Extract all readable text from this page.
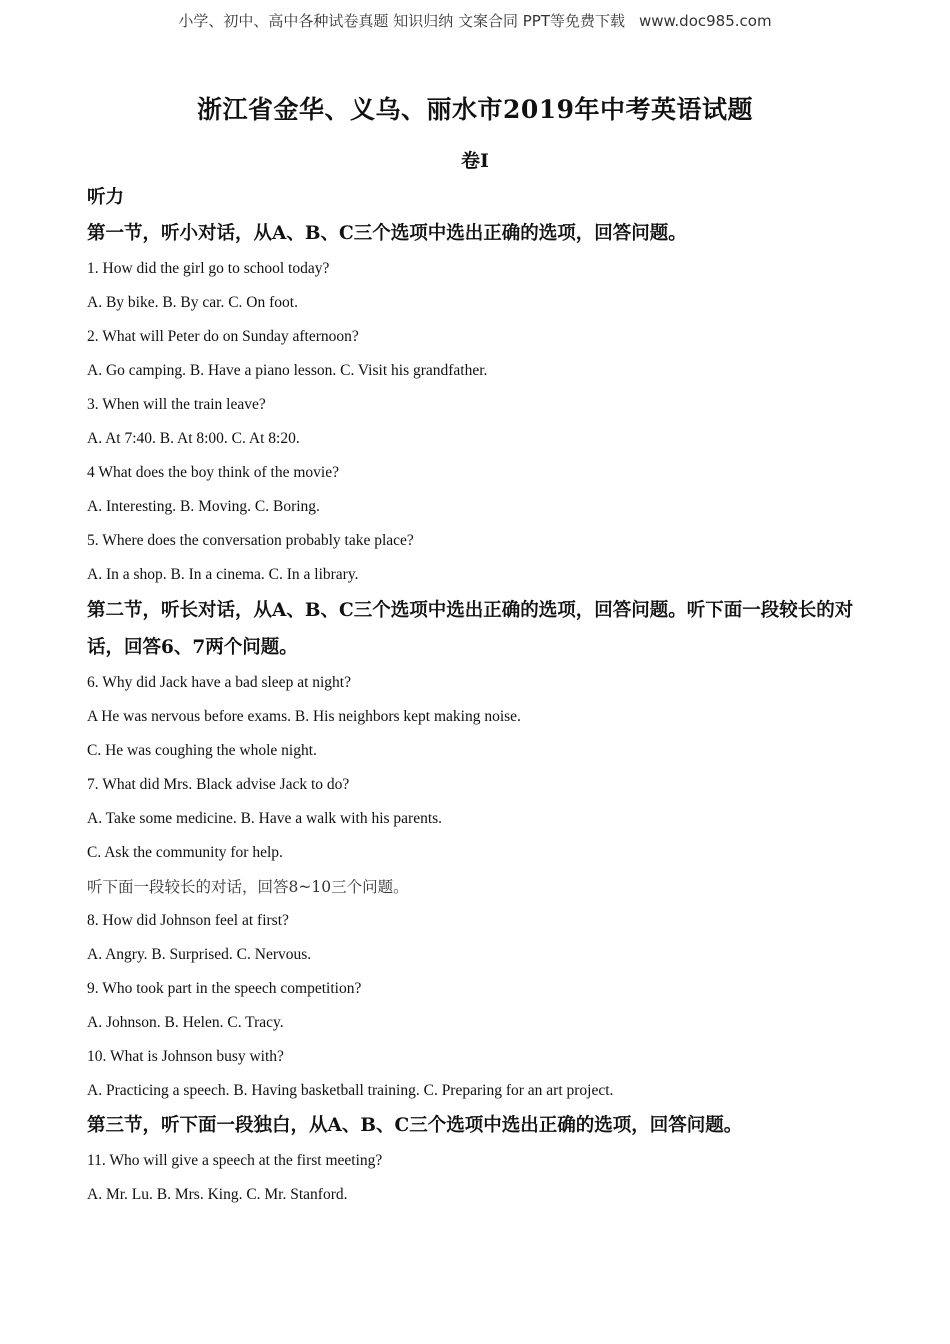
小学、初中、高中各种试卷真题 知识归纳 文案合同 PPT等免费下载 www.doc985.com
浙江省金华、义乌、丽水市2019年中考英语试题
卷Ⅰ
听力
第一节，听小对话，从A、B、C三个选项中选出正确的选项，回答问题。
1. How did the girl go to school today?
A. By bike. B. By car. C. On foot.
2. What will Peter do on Sunday afternoon?
A. Go camping. B. Have a piano lesson. C. Visit his grandfather.
3. When will the train leave?
A. At 7:40. B. At 8:00. C. At 8:20.
4 What does the boy think of the movie?
A. Interesting. B. Moving. C. Boring.
5. Where does the conversation probably take place?
A. In a shop. B. In a cinema. C. In a library.
第二节，听长对话，从A、B、C三个选项中选出正确的选项，回答问题。听下面一段较长的对话，回答6、7两个问题。
6. Why did Jack have a bad sleep at night?
A He was nervous before exams. B. His neighbors kept making noise.
C. He was coughing the whole night.
7. What did Mrs. Black advise Jack to do?
A. Take some medicine. B. Have a walk with his parents.
C. Ask the community for help.
听下面一段较长的对话，回答8~10三个问题。
8. How did Johnson feel at first?
A. Angry. B. Surprised. C. Nervous.
9. Who took part in the speech competition?
A. Johnson. B. Helen. C. Tracy.
10. What is Johnson busy with?
A. Practicing a speech. B. Having basketball training. C. Preparing for an art project.
第三节，听下面一段独白，从A、B、C三个选项中选出正确的选项，回答问题。
11. Who will give a speech at the first meeting?
A. Mr. Lu. B. Mrs. King. C. Mr. Stanford.
